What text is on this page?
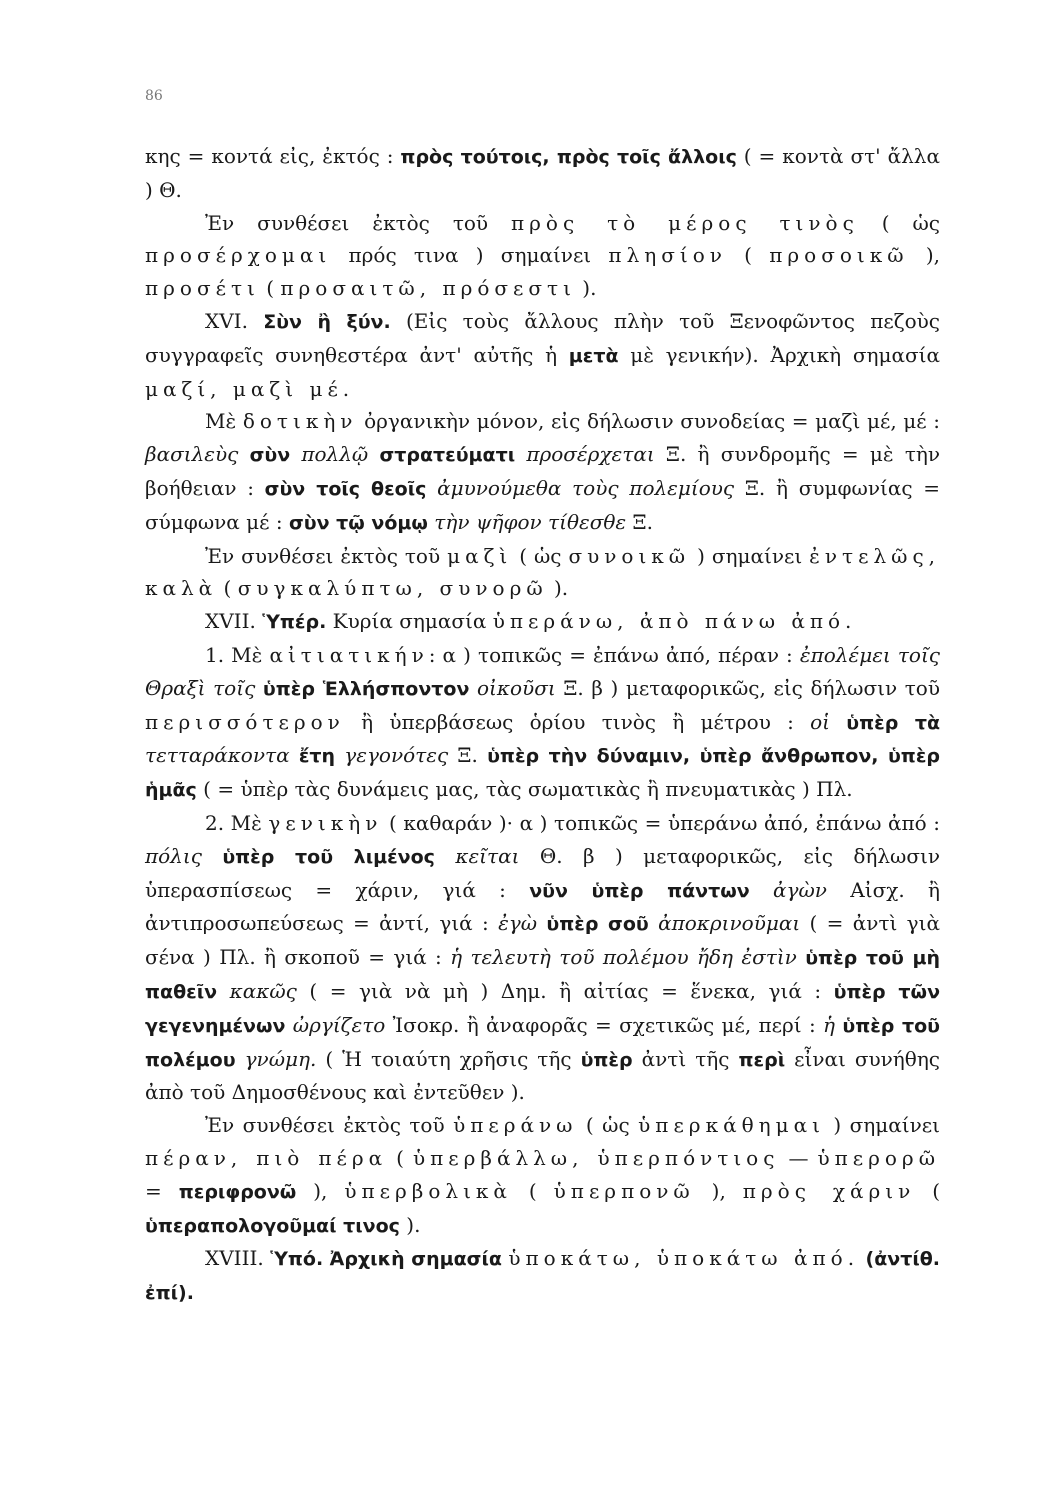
86

κης = κοντά εἰς, ἐκτός : πρὸς τούτοις, πρὸς τοῖς ἄλλοις ( = κοντὰ στ' ἄλλα ) Θ.

Ἐν συνθέσει ἐκτὸς τοῦ πρὸς τὸ μέρος τινὸς ( ὡς προσέρχομαι πρός τινα ) σημαίνει πλησίον ( προσοικῶ ), προσέτι ( προσαιτῶ, πρόσεστι ).

XVI. Σὺν ἢ ξύν. (Εἰς τοὺς ἄλλους πλὴν τοῦ Ξενοφῶντος πεζοὺς συγγραφεῖς συνηθεστέρα ἀντ' αὐτῆς ἡ μετὰ μὲ γενικήν). Ἀρχικὴ σημασία μαζί, μαζὶ μέ.

Μὲ δοτικὴν ὀργανικὴν μόνον, εἰς δήλωσιν συνοδείας = μαζὶ μέ, μέ : βασιλεὺς σὺν πολλῷ στρατεύματι προσέρχεται Ξ. ἢ συνδρομῆς = μὲ τὴν βοήθειαν : σὺν τοῖς θεοῖς ἀμυνούμεθα τοὺς πολεμίους Ξ. ἢ συμφωνίας = σύμφωνα μέ : σὺν τῷ νόμῳ τὴν ψῆφον τίθεσθε Ξ.

Ἐν συνθέσει ἐκτὸς τοῦ μαζὶ ( ὡς συνοικῶ ) σημαίνει ἐντελῶς, καλὰ ( συγκαλύπτω, συνορῶ ).

XVII. Ὑπέρ. Κυρία σημασία ὑπεράνω, ἀπὸ πάνω ἀπό.

1. Μὲ αἰτιατικήν: α ) τοπικῶς = ἐπάνω ἀπό, πέραν : ἐπολέμει τοῖς Θραξὶ τοῖς ὑπὲρ Ἑλλήσποντον οἰκοῦσι Ξ. β ) μεταφορικῶς, εἰς δήλωσιν τοῦ περισσότερον ἢ ὑπερβάσεως ὁρίου τινὸς ἢ μέτρου : οἱ ὑπὲρ τὰ τετταράκοντα ἔτη γεγονότες Ξ. ὑπὲρ τὴν δύναμιν, ὑπὲρ ἄνθρωπον, ὑπὲρ ἡμᾶς ( = ὑπὲρ τὰς δυνάμεις μας, τὰς σωματικὰς ἢ πνευματικὰς ) Πλ.

2. Μὲ γενικὴν ( καθαράν )· α ) τοπικῶς = ὑπεράνω ἀπό, ἐπάνω ἀπό : πόλις ὑπὲρ τοῦ λιμένος κεῖται Θ. β ) μεταφορικῶς, εἰς δήλωσιν ὑπερασπίσεως = χάριν, γιά : νῦν ὑπὲρ πάντων ἀγὼν Αἰσχ. ἢ ἀντιπροσωπεύσεως = ἀντί, γιά : ἐγὼ ὑπὲρ σοῦ ἀποκρινοῦμαι ( = ἀντὶ γιὰ σένα ) Πλ. ἢ σκοποῦ = γιά : ἡ τελευτὴ τοῦ πολέμου ἤδη ἐστὶν ὑπὲρ τοῦ μὴ παθεῖν κακῶς ( = γιὰ νὰ μὴ ) Δημ. ἢ αἰτίας = ἕνεκα, γιά : ὑπὲρ τῶν γεγενημένων ὠργίζετο Ἰσοκρ. ἢ ἀναφορᾶς = σχετικῶς μέ, περί : ἡ ὑπὲρ τοῦ πολέμου γνώμη. ( Ἡ τοιαύτη χρῆσις τῆς ὑπὲρ ἀντὶ τῆς περὶ εἶναι συνήθης ἀπὸ τοῦ Δημοσθένους καὶ ἐντεῦθεν ).

Ἐν συνθέσει ἐκτὸς τοῦ ὑπεράνω ( ὡς ὑπερκάθημαι ) σημαίνει πέραν, πιὸ πέρα ( ὑπερβάλλω, ὑπερπόντιος — ὑπερορῶ = περιφρονῶ ), ὑπερβολικὰ ( ὑπερπονῶ ), πρὸς χάριν ( ὑπεραπολογοῦμαί τινος ).

XVIII. Ὑπό. Ἀρχικὴ σημασία ὑποκάτω, ὑποκάτω ἀπό. (ἀντίθ. ἐπί).
